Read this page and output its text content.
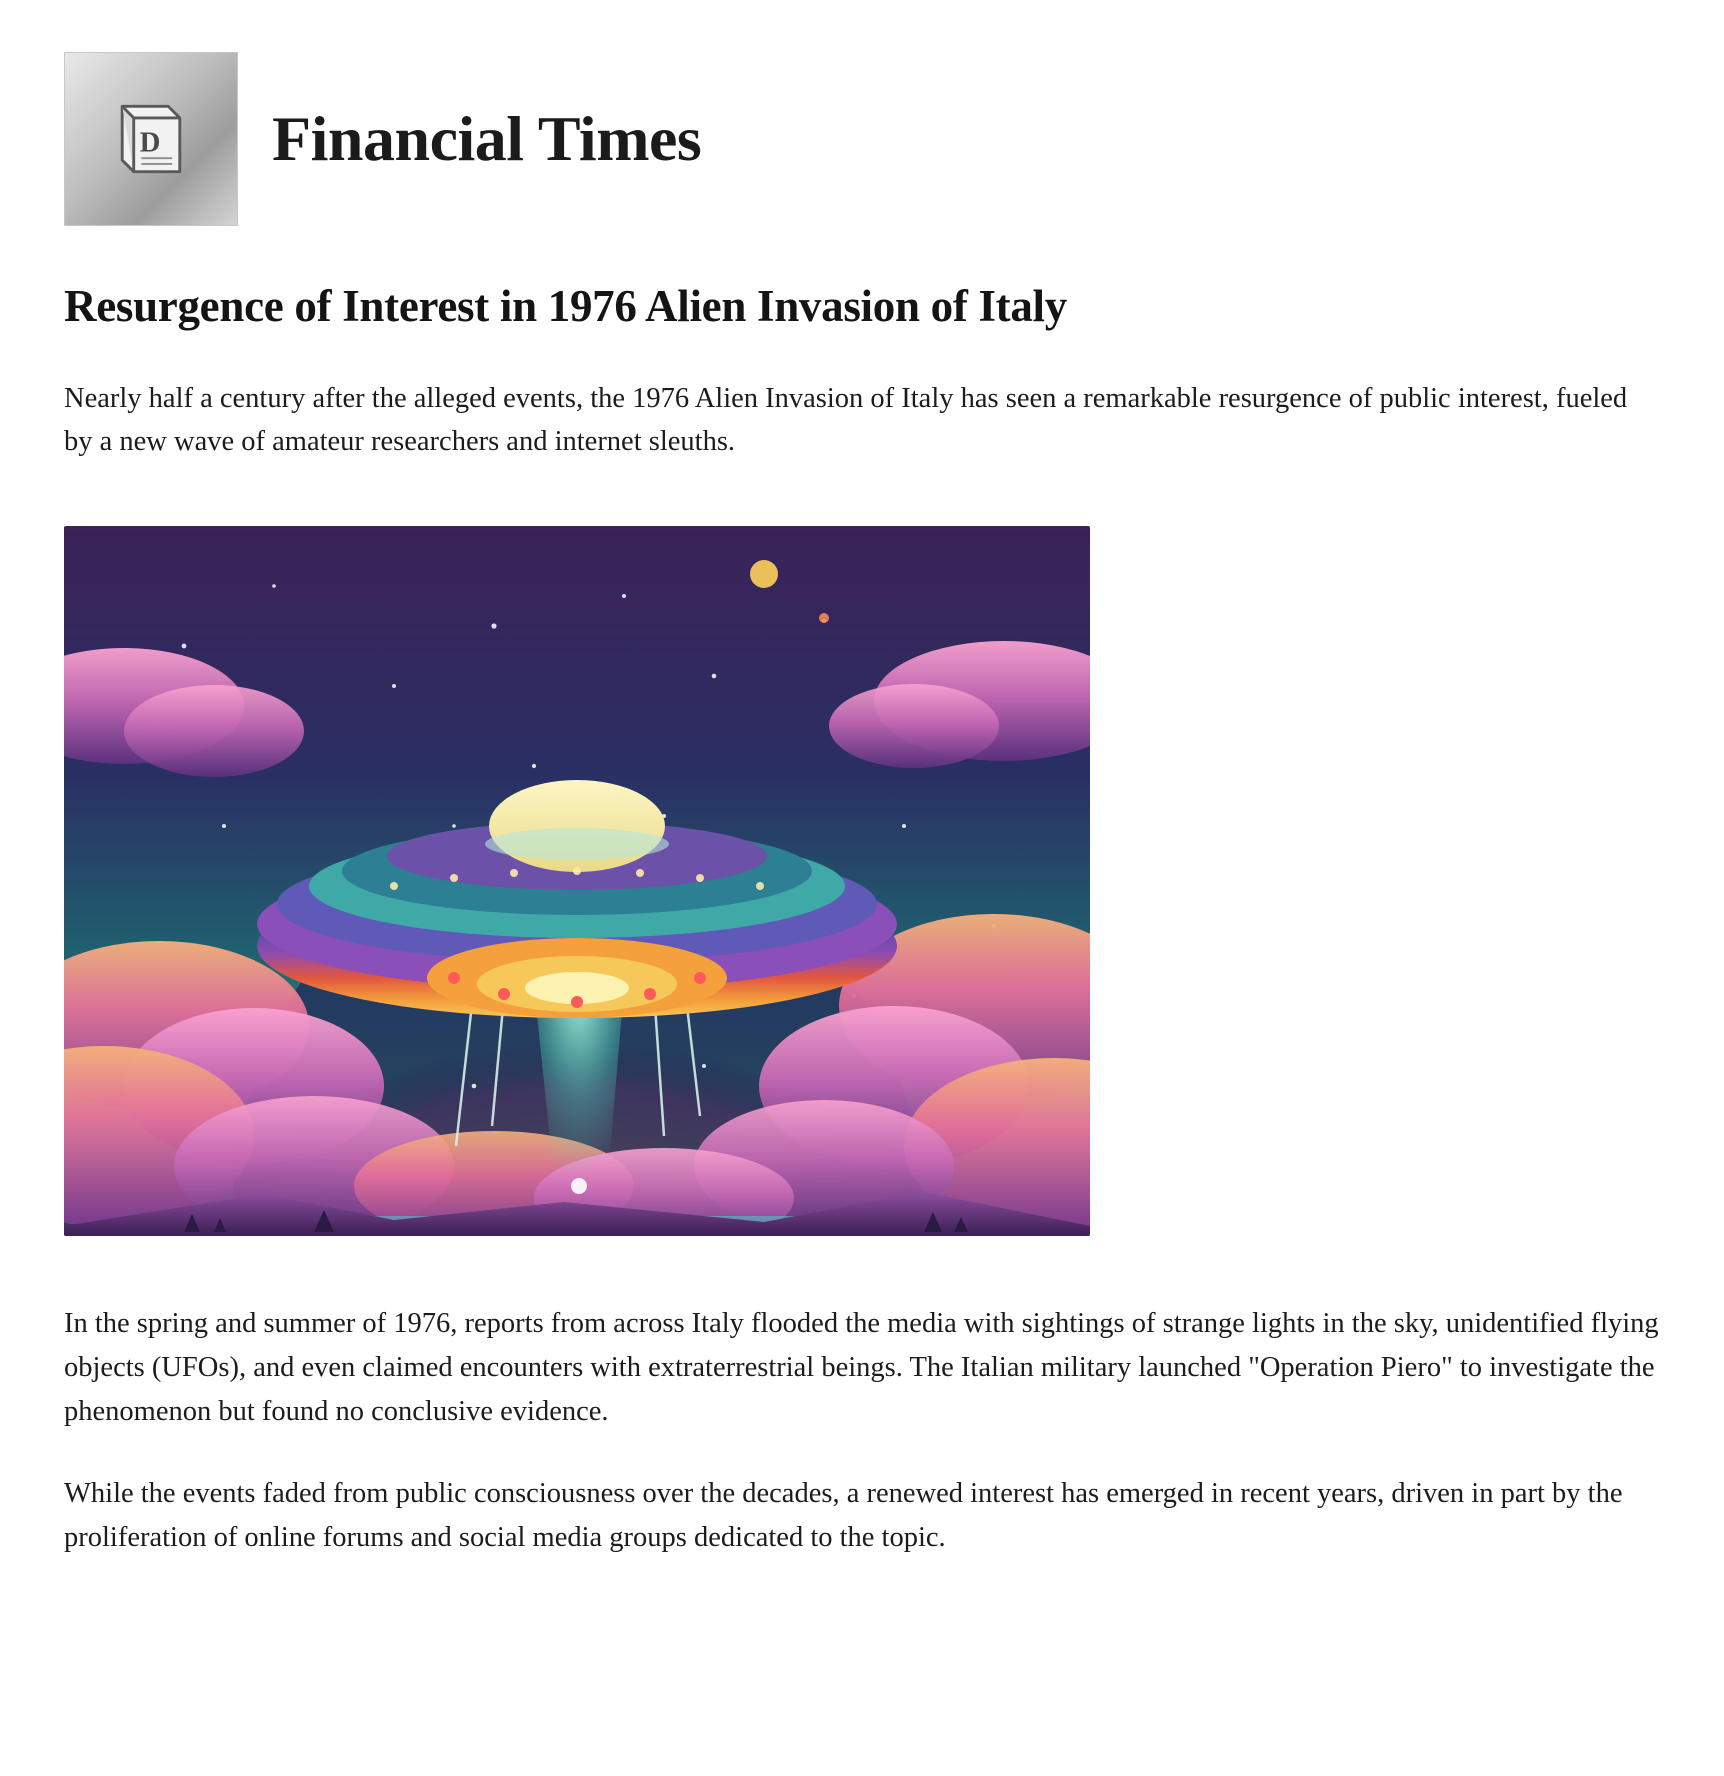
D Financial Times
Resurgence of Interest in 1976 Alien Invasion of Italy

Nearly half a century after the alleged events, the 1976 Alien Invasion of Italy has seen a remarkable resurgence of public interest, fueled by a new wave of amateur researchers and internet sleuths.

In the spring and summer of 1976, reports from across Italy flooded the media with sightings of strange lights in the sky, unidentified flying objects (UFOs), and even claimed encounters with extraterrestrial beings. The Italian military launched "Operation Piero" to investigate the phenomenon but found no conclusive evidence.

While the events faded from public consciousness over the decades, a renewed interest has emerged in recent years, driven in part by the proliferation of online forums and social media groups dedicated to the topic.
